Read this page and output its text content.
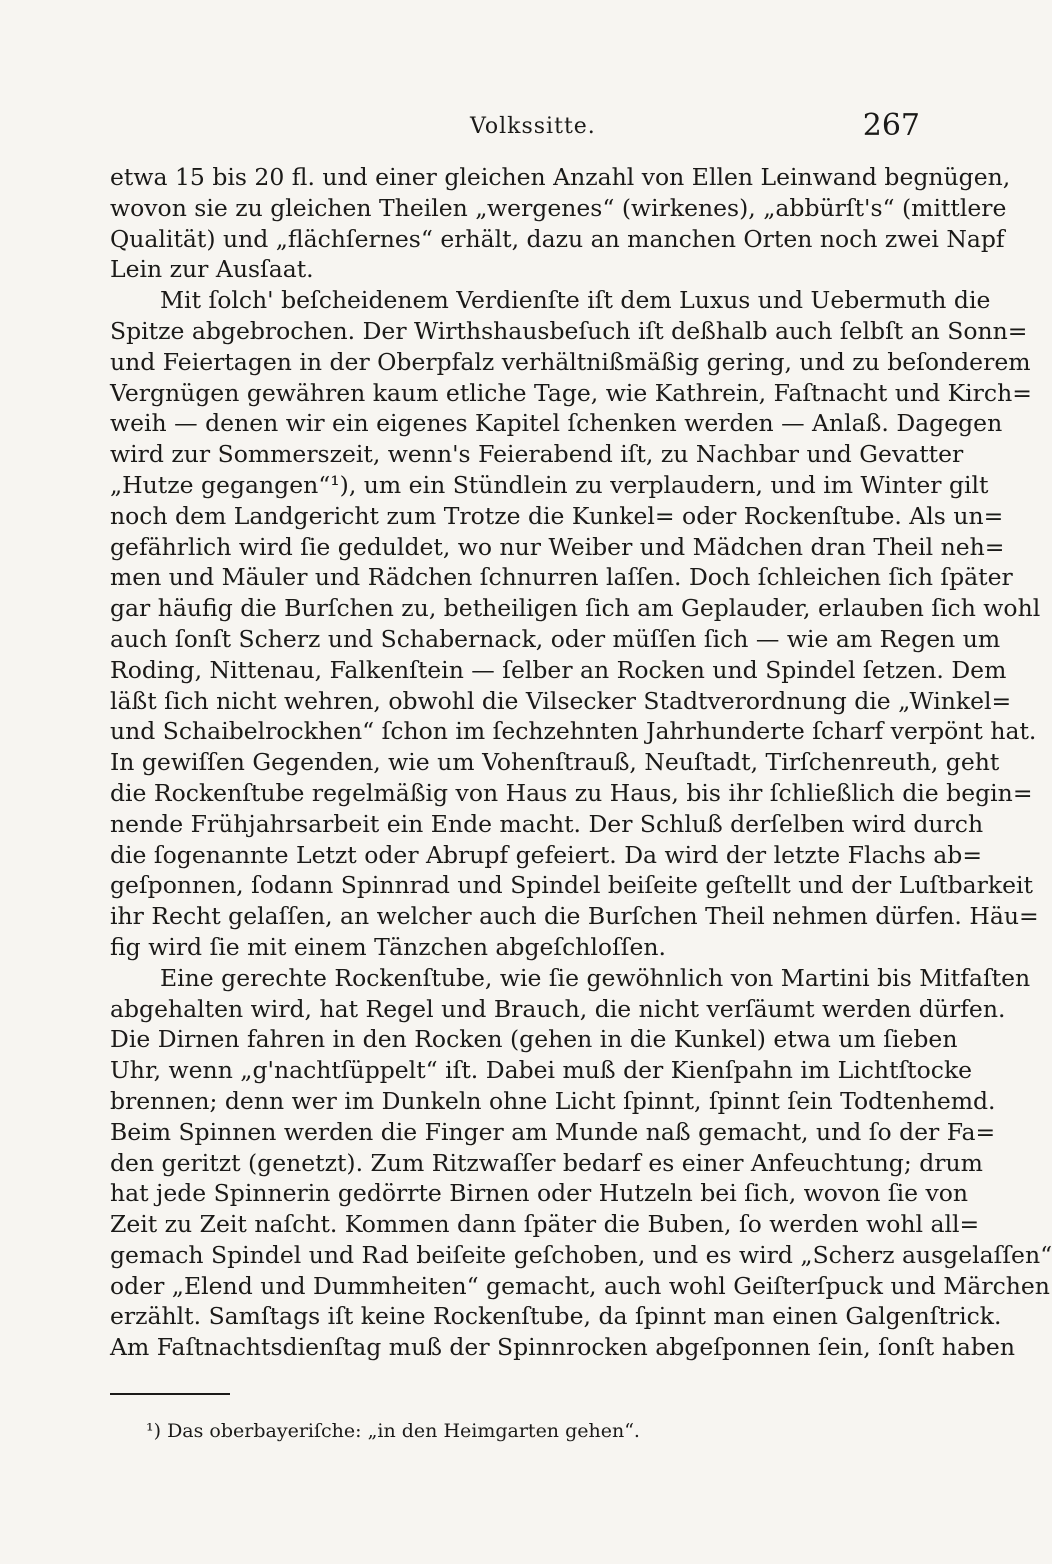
Volkssitte.	267
etwa 15 bis 20 fl. und einer gleichen Anzahl von Ellen Leinwand begnügen,
wovon sie zu gleichen Theilen „wergenes“ (wirkenes), „abbürſt's“ (mittlere
Qualität) und „flächſernes“ erhält, dazu an manchen Orten noch zwei Napf
Lein zur Ausſaat.
Mit ſolch' beſcheidenem Verdienſte iſt dem Luxus und Uebermuth die
Spitze abgebrochen. Der Wirthshausbeſuch iſt deßhalb auch ſelbſt an Sonn=
und Feiertagen in der Oberpfalz verhältnißmäßig gering, und zu beſonderem
Vergnügen gewähren kaum etliche Tage, wie Kathrein, Faſtnacht und Kirch=
weih — denen wir ein eigenes Kapitel ſchenken werden — Anlaß. Dagegen
wird zur Sommerszeit, wenn's Feierabend iſt, zu Nachbar und Gevatter
„Hutze gegangen“¹), um ein Stündlein zu verplaudern, und im Winter gilt
noch dem Landgericht zum Trotze die Kunkel= oder Rockenſtube. Als un=
gefährlich wird ſie geduldet, wo nur Weiber und Mädchen dran Theil neh=
men und Mäuler und Rädchen ſchnurren laſſen. Doch ſchleichen ſich ſpäter
gar häufig die Burſchen zu, betheiligen ſich am Geplauder, erlauben ſich wohl
auch ſonſt Scherz und Schabernack, oder müſſen ſich — wie am Regen um
Roding, Nittenau, Falkenſtein — ſelber an Rocken und Spindel ſetzen. Dem
läßt ſich nicht wehren, obwohl die Vilsecker Stadtverordnung die „Winkel=
und Schaibelrockhen“ ſchon im ſechzehnten Jahrhunderte ſcharf verpönt hat.
In gewiſſen Gegenden, wie um Vohenſtrauß, Neuſtadt, Tirſchenreuth, geht
die Rockenſtube regelmäßig von Haus zu Haus, bis ihr ſchließlich die begin=
nende Frühjahrsarbeit ein Ende macht. Der Schluß derſelben wird durch
die ſogenannte Letzt oder Abrupf gefeiert. Da wird der letzte Flachs ab=
geſponnen, ſodann Spinnrad und Spindel beiſeite geſtellt und der Luſtbarkeit
ihr Recht gelaſſen, an welcher auch die Burſchen Theil nehmen dürfen. Häu=
fig wird ſie mit einem Tänzchen abgeſchloſſen.
Eine gerechte Rockenſtube, wie ſie gewöhnlich von Martini bis Mitfaſten
abgehalten wird, hat Regel und Brauch, die nicht verſäumt werden dürfen.
Die Dirnen fahren in den Rocken (gehen in die Kunkel) etwa um ſieben
Uhr, wenn „g'nachtſüppelt“ iſt. Dabei muß der Kienſpahn im Lichtſtocke
brennen; denn wer im Dunkeln ohne Licht ſpinnt, ſpinnt ſein Todtenhemd.
Beim Spinnen werden die Finger am Munde naß gemacht, und ſo der Fa=
den geritzt (genetzt). Zum Ritzwaſſer bedarf es einer Anfeuchtung; drum
hat jede Spinnerin gedörrte Birnen oder Hutzeln bei ſich, wovon ſie von
Zeit zu Zeit naſcht. Kommen dann ſpäter die Buben, ſo werden wohl all=
gemach Spindel und Rad beiſeite geſchoben, und es wird „Scherz ausgelaſſen“
oder „Elend und Dummheiten“ gemacht, auch wohl Geiſterſpuck und Märchen
erzählt. Samſtags iſt keine Rockenſtube, da ſpinnt man einen Galgenſtrick.
Am Faſtnachtsdienſtag muß der Spinnrocken abgeſponnen ſein, ſonſt haben
¹) Das oberbayeriſche: „in den Heimgarten gehen“.
